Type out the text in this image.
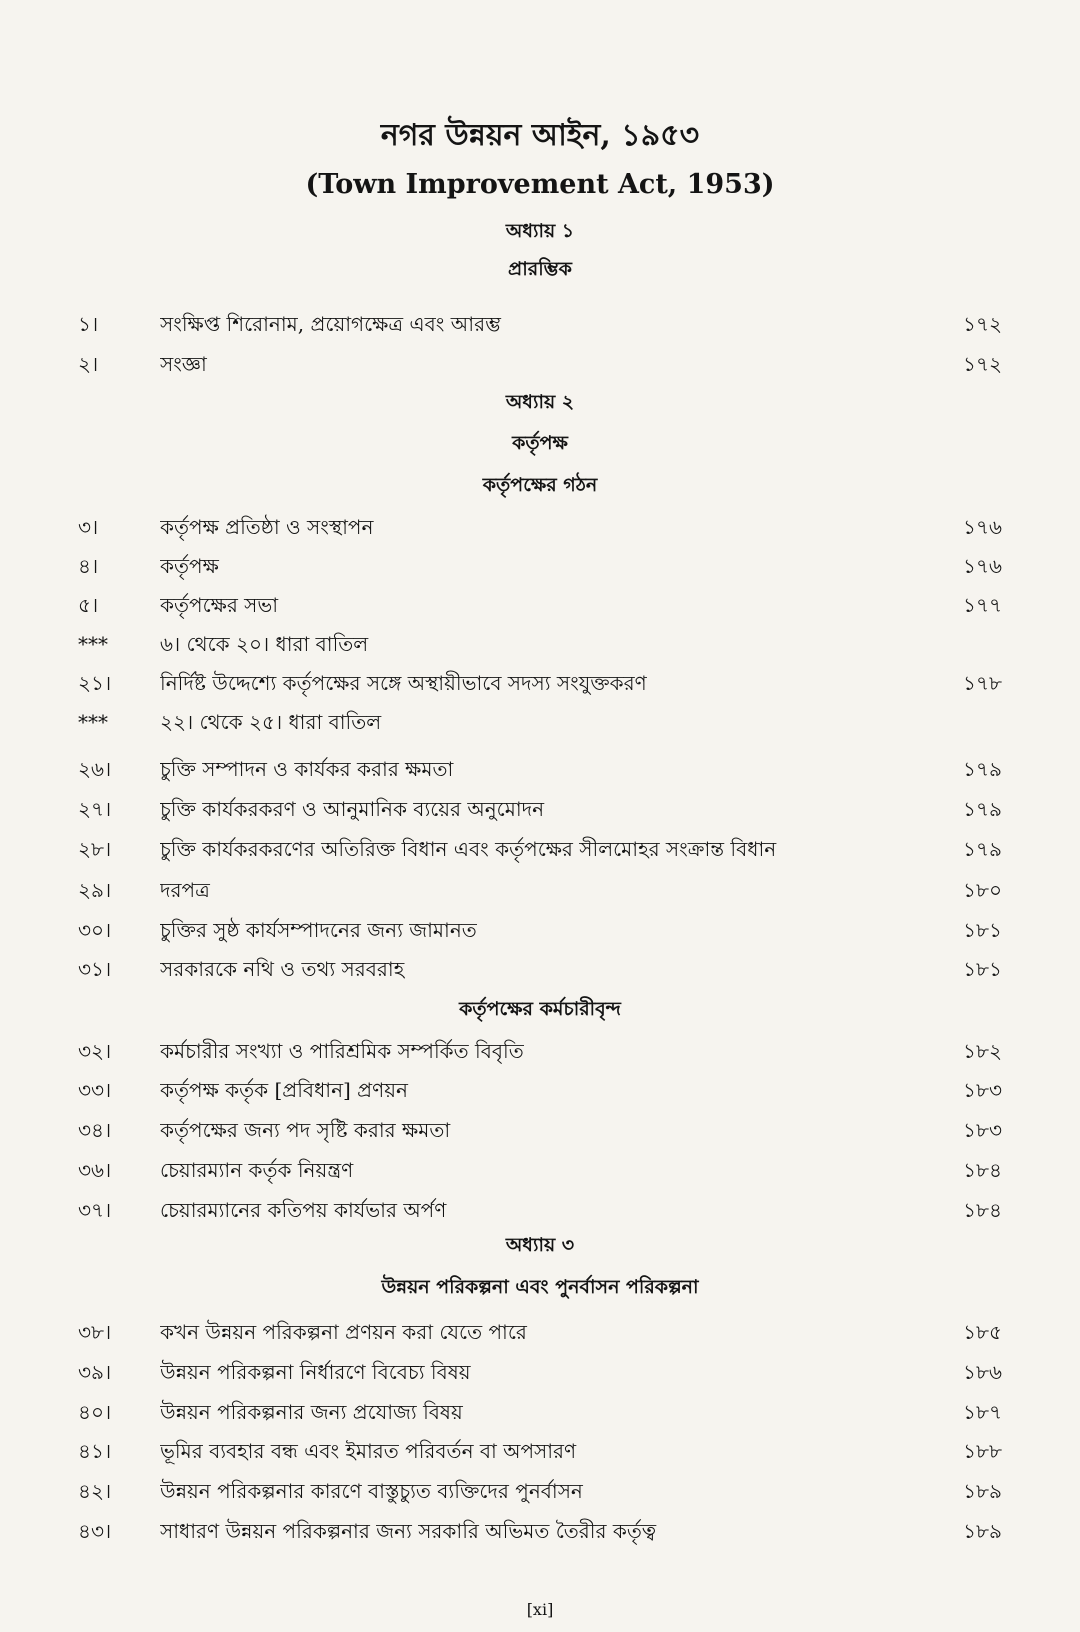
নগর উন্নয়ন আইন, ১৯৫৩
(Town Improvement Act, 1953)
অধ্যায় ১
প্রারম্ভিক
১।	সংক্ষিপ্ত শিরোনাম, প্রয়োগক্ষেত্র এবং আরম্ভ	১৭২
২।	সংজ্ঞা	১৭২
অধ্যায় ২
কর্তৃপক্ষ
কর্তৃপক্ষের গঠন
৩।	কর্তৃপক্ষ প্রতিষ্ঠা ও সংস্থাপন	১৭৬
৪।	কর্তৃপক্ষ	১৭৬
৫।	কর্তৃপক্ষের সভা	১৭৭
***	৬। থেকে ২০। ধারা বাতিল
২১।	নির্দিষ্ট উদ্দেশ্যে কর্তৃপক্ষের সঙ্গে অস্থায়ীভাবে সদস্য সংযুক্তকরণ	১৭৮
***	২২। থেকে ২৫। ধারা বাতিল
২৬।	চুক্তি সম্পাদন ও কার্যকর করার ক্ষমতা	১৭৯
২৭।	চুক্তি কার্যকরকরণ ও আনুমানিক ব্যয়ের অনুমোদন	১৭৯
২৮।	চুক্তি কার্যকরকরণের অতিরিক্ত বিধান এবং কর্তৃপক্ষের সীলমোহর সংক্রান্ত বিধান	১৭৯
২৯।	দরপত্র	১৮০
৩০।	চুক্তির সুষ্ঠ কার্যসম্পাদনের জন্য জামানত	১৮১
৩১।	সরকারকে নথি ও তথ্য সরবরাহ	১৮১
কর্তৃপক্ষের কর্মচারীবৃন্দ
৩২।	কর্মচারীর সংখ্যা ও পারিশ্রমিক সম্পর্কিত বিবৃতি	১৮২
৩৩।	কর্তৃপক্ষ কর্তৃক [প্রবিধান] প্রণয়ন	১৮৩
৩৪।	কর্তৃপক্ষের জন্য পদ সৃষ্টি করার ক্ষমতা	১৮৩
৩৬।	চেয়ারম্যান কর্তৃক নিয়ন্ত্রণ	১৮৪
৩৭।	চেয়ারম্যানের কতিপয় কার্যভার অর্পণ	১৮৪
অধ্যায় ৩
উন্নয়ন পরিকল্পনা এবং পুনর্বাসন পরিকল্পনা
৩৮।	কখন উন্নয়ন পরিকল্পনা প্রণয়ন করা যেতে পারে	১৮৫
৩৯।	উন্নয়ন পরিকল্পনা নির্ধারণে বিবেচ্য বিষয়	১৮৬
৪০।	উন্নয়ন পরিকল্পনার জন্য প্রযোজ্য বিষয়	১৮৭
৪১।	ভূমির ব্যবহার বন্ধ এবং ইমারত পরিবর্তন বা অপসারণ	১৮৮
৪২।	উন্নয়ন পরিকল্পনার কারণে বাস্তুচ্যুত ব্যক্তিদের পুনর্বাসন	১৮৯
৪৩।	সাধারণ উন্নয়ন পরিকল্পনার জন্য সরকারি অভিমত তৈরীর কর্তৃত্ব	১৮৯
[xi]
